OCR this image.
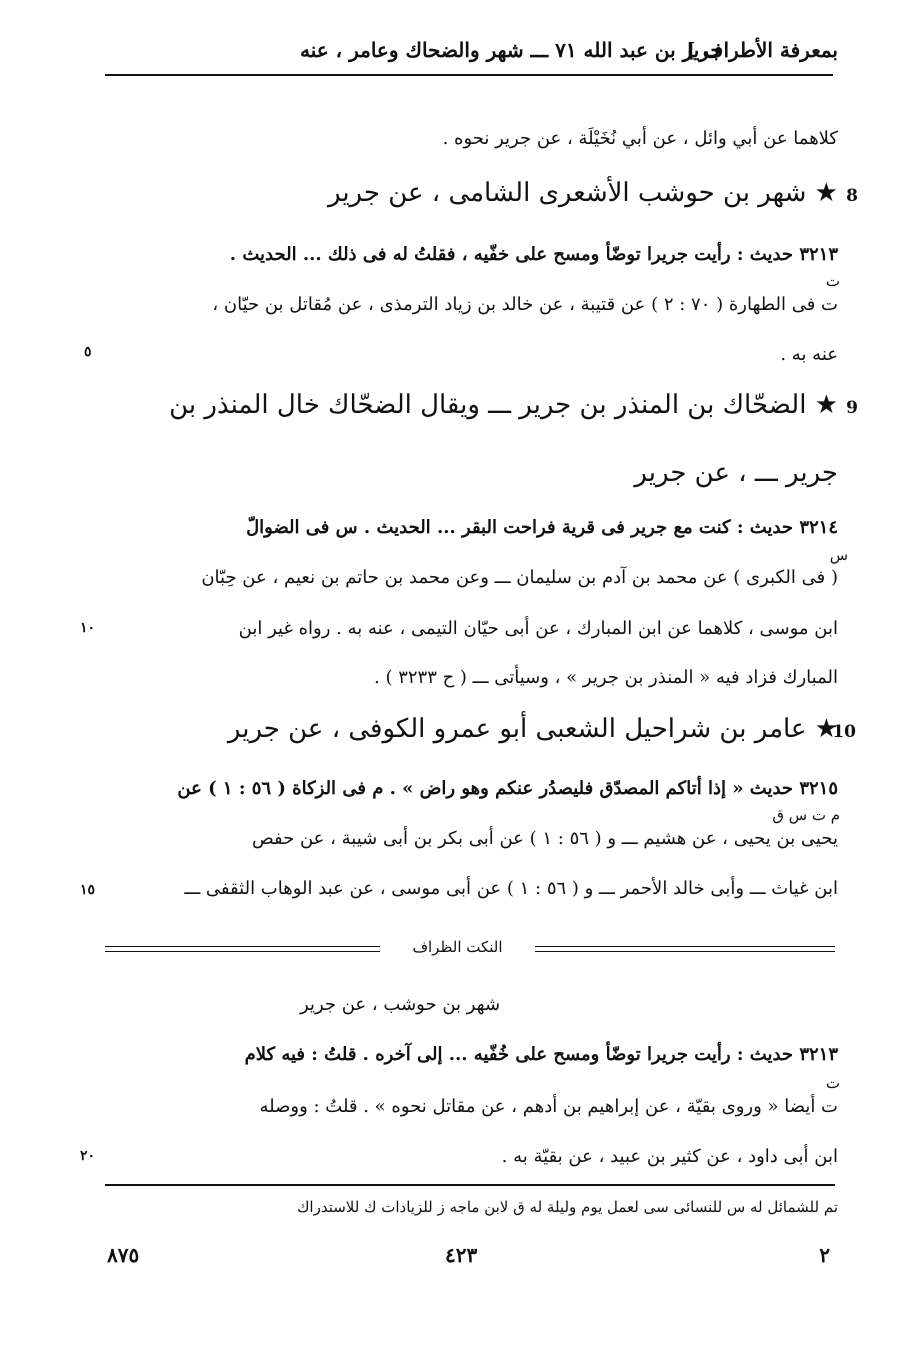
بمعرفة الأطراف ]
جرير بن عبد الله ٧١ ـــ شهر والضحاك وعامر ، عنه
كلاهما عن أبي وائل ، عن أبي نُخَيْلَة ، عن جرير نحوه .
8
★ شهر بن حوشب الأشعرى الشامى ، عن جرير
٣٢١٣ حديث : رأيت جريرا توضّأ ومسح على خفّيه ، فقلتُ له فى ذلك ... الحديث .
ت
ت فى الطهارة ( ٧٠ : ٢ ) عن قتيبة ، عن خالد بن زياد الترمذى ، عن مُقاتل بن حيّان ،
عنه به .
٥
9
★ الضحّاك بن المنذر بن جرير ـــ ويقال الضحّاك خال المنذر بن
جرير ـــ ، عن جرير
٣٢١٤ حديث : كنت مع جرير فى قرية فراحت البقر ... الحديث . س فى الضوالّ
س
( فى الكبرى ) عن محمد بن آدم بن سليمان ـــ وعن محمد بن حاتم بن نعيم ، عن حِبّان
ابن موسى ، كلاهما عن ابن المبارك ، عن أبى حيّان التيمى ، عنه به . رواه غير ابن
١٠
المبارك فزاد فيه « المنذر بن جرير » ، وسيأتى ـــ ( ح ٣٢٣٣ ) .
10
★ عامر بن شراحيل الشعبى أبو عمرو الكوفى ، عن جرير
٣٢١٥ حديث « إذا أتاكم المصدّق فليصدُر عنكم وهو راض » . م فى الزكاة ( ٥٦ : ١ ) عن
م ت س ق
يحيى بن يحيى ، عن هشيم ـــ و ( ٥٦ : ١ ) عن أبى بكر بن أبى شيبة ، عن حفص
ابن غياث ـــ وأبى خالد الأحمر ـــ و ( ٥٦ : ١ ) عن أبى موسى ، عن عبد الوهاب الثقفى ـــ
١٥
النكت الظراف
شهر بن حوشب ، عن جرير
٣٢١٣ حديث : رأيت جريرا توضّأ ومسح على خُفّيه ... إلى آخره . قلتُ : فيه كلام
ت
ت أيضا « وروى بقيّة ، عن إبراهيم بن أدهم ، عن مقاتل نحوه » . قلتُ : ووصله
ابن أبى داود ، عن كثير بن عبيد ، عن بقيّة به .
٢٠
تم للشمائل له س للنسائى سى لعمل يوم وليلة له ق لابن ماجه ز للزيادات ك للاستدراك
٨٧٥	٤٢٣	٢
